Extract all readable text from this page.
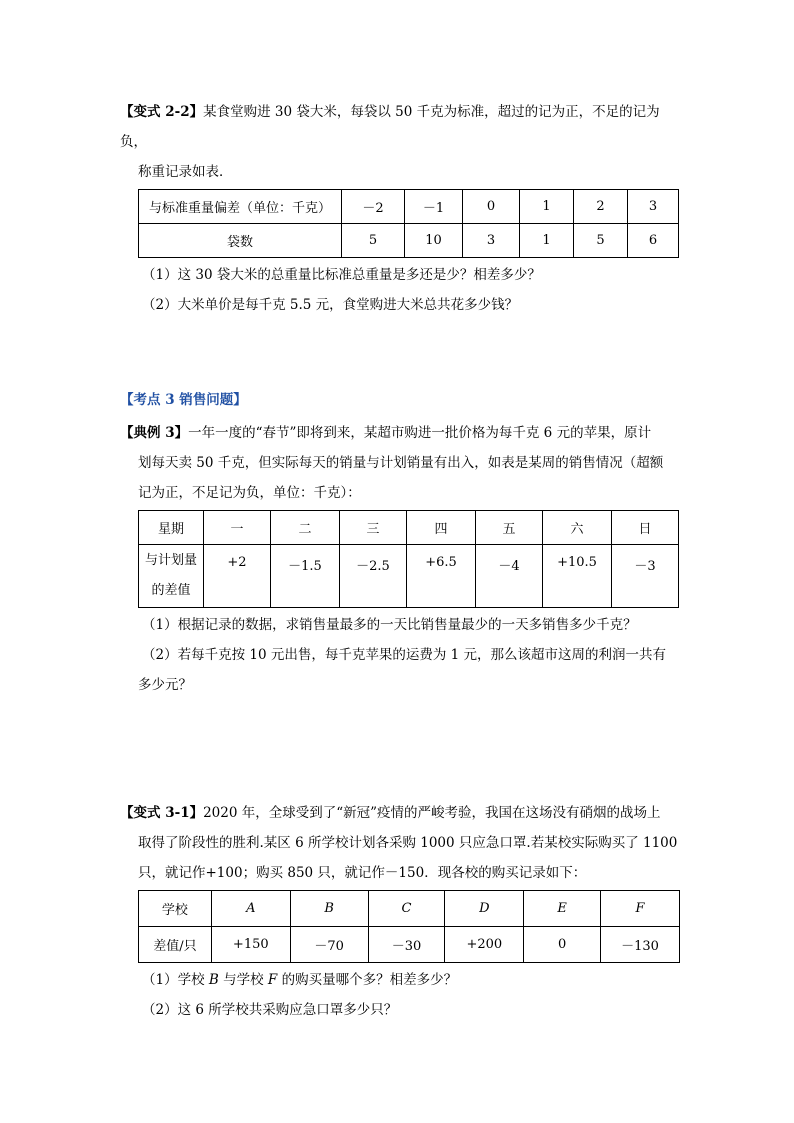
【变式 2-2】某食堂购进 30 袋大米，每袋以 50 千克为标准，超过的记为正，不足的记为负，

称重记录如表．

与标准重量偏差（单位：千克）	－2	－1	0	1	2	3
袋数	5	10	3	1	5	6

（1）这 30 袋大米的总重量比标准总重量是多还是少？相差多少？

（2）大米单价是每千克 5.5 元，食堂购进大米总共花多少钱？

【考点 3 销售问题】

【典例 3】一年一度的“春节”即将到来，某超市购进一批价格为每千克 6 元的苹果，原计

划每天卖 50 千克，但实际每天的销量与计划销量有出入，如表是某周的销售情况（超额

记为正，不足记为负，单位：千克）：

星期	一	二	三	四	五	六	日
与计划量
的差值	+2	－1.5	－2.5	+6.5	－4	+10.5	－3

（1）根据记录的数据，求销售量最多的一天比销售量最少的一天多销售多少千克？

（2）若每千克按 10 元出售，每千克苹果的运费为 1 元，那么该超市这周的利润一共有

多少元？

【变式 3-1】2020 年，全球受到了“新冠”疫情的严峻考验，我国在这场没有硝烟的战场上

取得了阶段性的胜利.某区 6 所学校计划各采购 1000 只应急口罩.若某校实际购买了 1100

只，就记作+100；购买 850 只，就记作－150．现各校的购买记录如下：

学校	A	B	C	D	E	F
差值/只	+150	－70	－30	+200	0	－130

（1）学校 B 与学校 F 的购买量哪个多？相差多少？

（2）这 6 所学校共采购应急口罩多少只？
